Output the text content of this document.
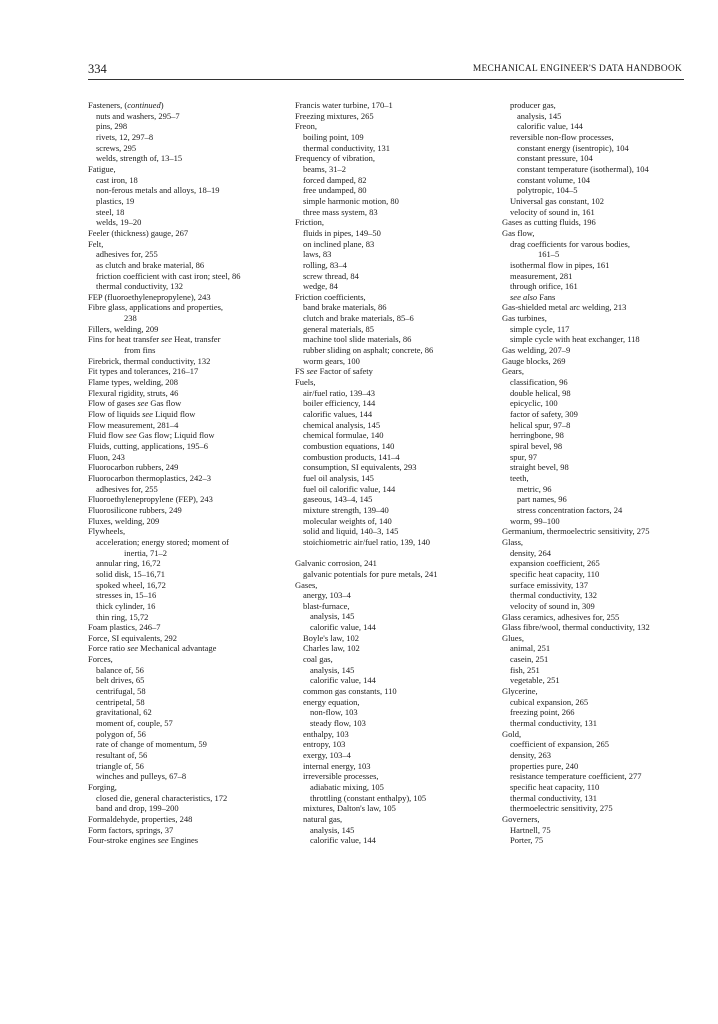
334	MECHANICAL ENGINEER'S DATA HANDBOOK
Fasteners, (continued)
nuts and washers, 295–7
pins, 298
rivets, 12, 297–8
screws, 295
welds, strength of, 13–15
Fatigue,
cast iron, 18
non-ferous metals and alloys, 18–19
plastics, 19
steel, 18
welds, 19–20
Feeler (thickness) gauge, 267
Felt,
adhesives for, 255
as clutch and brake material, 86
friction coefficient with cast iron; steel, 86
thermal conductivity, 132
FEP (fluoroethylenepropylene), 243
Fibre glass, applications and properties,
238
Fillers, welding, 209
Fins for heat transfer see Heat, transfer
from fins
Firebrick, thermal conductivity, 132
Fit types and tolerances, 216–17
Flame types, welding, 208
Flexural rigidity, struts, 46
Flow of gases see Gas flow
Flow of liquids see Liquid flow
Flow measurement, 281–4
Fluid flow see Gas flow; Liquid flow
Fluids, cutting, applications, 195–6
Fluon, 243
Fluorocarbon rubbers, 249
Fluorocarbon thermoplastics, 242–3
adhesives for, 255
Fluoroethylenepropylene (FEP), 243
Fluorosilicone rubbers, 249
Fluxes, welding, 209
Flywheels,
acceleration; energy stored; moment of
inertia, 71–2
annular ring, 16,72
solid disk, 15–16,71
spoked wheel, 16,72
stresses in, 15–16
thick cylinder, 16
thin ring, 15,72
Foam plastics, 246–7
Force, SI equivalents, 292
Force ratio see Mechanical advantage
Forces,
balance of, 56
belt drives, 65
centrifugal, 58
centripetal, 58
gravitational, 62
moment of, couple, 57
polygon of, 56
rate of change of momentum, 59
resultant of, 56
triangle of, 56
winches and pulleys, 67–8
Forging,
closed die, general characteristics, 172
band and drop, 199–200
Formaldehyde, properties, 248
Form factors, springs, 37
Four-stroke engines see Engines
Francis water turbine, 170–1
Freezing mixtures, 265
Freon,
boiling point, 109
thermal conductivity, 131
Frequency of vibration,
beams, 31–2
forced damped, 82
free undamped, 80
simple harmonic motion, 80
three mass system, 83
Friction,
fluids in pipes, 149–50
on inclined plane, 83
laws, 83
rolling, 83–4
screw thread, 84
wedge, 84
Friction coefficients,
band brake materials, 86
clutch and brake materials, 85–6
general materials, 85
machine tool slide materials, 86
rubber sliding on asphalt; concrete, 86
worm gears, 100
FS see Factor of safety
Fuels,
air/fuel ratio, 139–43
boiler efficiency, 144
calorific values, 144
chemical analysis, 145
chemical formulae, 140
combustion equations, 140
combustion products, 141–4
consumption, SI equivalents, 293
fuel oil analysis, 145
fuel oil calorific value, 144
gaseous, 143–4, 145
mixture strength, 139–40
molecular weights of, 140
solid and liquid, 140–3, 145
stoichiometric air/fuel ratio, 139, 140
Galvanic corrosion, 241
galvanic potentials for pure metals, 241
Gases,
anergy, 103–4
blast-furnace,
analysis, 145
calorific value, 144
Boyle's law, 102
Charles law, 102
coal gas,
analysis, 145
calorific value, 144
common gas constants, 110
energy equation,
non-flow, 103
steady flow, 103
enthalpy, 103
entropy, 103
exergy, 103–4
internal energy, 103
irreversible processes,
adiabatic mixing, 105
throttling (constant enthalpy), 105
mixtures, Dalton's law, 105
natural gas,
analysis, 145
calorific value, 144
producer gas,
analysis, 145
calorific value, 144
reversible non-flow processes,
constant energy (isentropic), 104
constant pressure, 104
constant temperature (isothermal), 104
constant volume, 104
polytropic, 104–5
Universal gas constant, 102
velocity of sound in, 161
Gases as cutting fluids, 196
Gas flow,
drag coefficients for varous bodies,
161–5
isothermal flow in pipes, 161
measurement, 281
through orifice, 161
see also Fans
Gas-shielded metal arc welding, 213
Gas turbines,
simple cycle, 117
simple cycle with heat exchanger, 118
Gas welding, 207–9
Gauge blocks, 269
Gears,
classification, 96
double helical, 98
epicyclic, 100
factor of safety, 309
helical spur, 97–8
herringbone, 98
spiral bevel, 98
spur, 97
straight bevel, 98
teeth,
metric, 96
part names, 96
stress concentration factors, 24
worm, 99–100
Germanium, thermoelectric sensitivity, 275
Glass,
density, 264
expansion coefficient, 265
specific heat capacity, 110
surface emissivity, 137
thermal conductivity, 132
velocity of sound in, 309
Glass ceramics, adhesives for, 255
Glass fibre/wool, thermal conductivity, 132
Glues,
animal, 251
casein, 251
fish, 251
vegetable, 251
Glycerine,
cubical expansion, 265
freezing point, 266
thermal conductivity, 131
Gold,
coefficient of expansion, 265
density, 263
properties pure, 240
resistance temperature coefficient, 277
specific heat capacity, 110
thermal conductivity, 131
thermoelectric sensitivity, 275
Governers,
Hartnell, 75
Porter, 75
